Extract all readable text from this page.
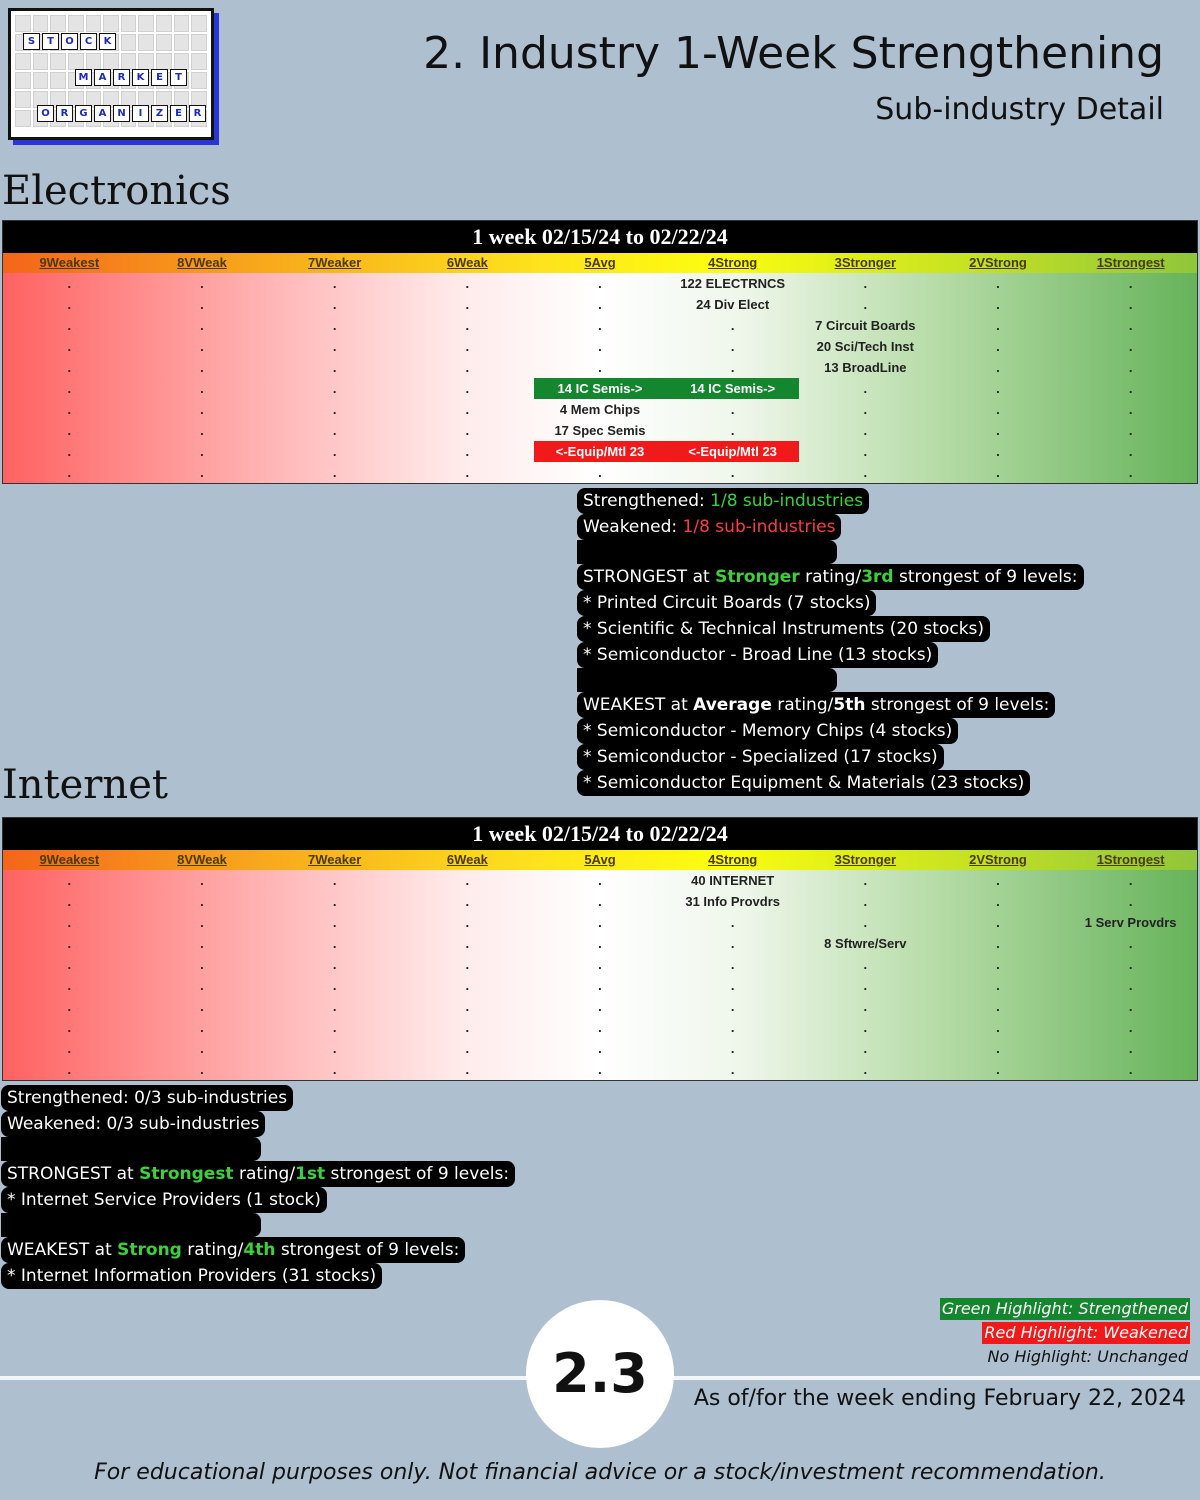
S	T	O	C	K
M	A	R	K	E	T
O	R	G	A	N	I	Z	E	R
2. Industry 1-Week Strengthening
Sub-industry Detail
Electronics
1 week 02/15/24 to 02/22/24
9Weakest	8VWeak	7Weaker	6Weak	5Avg	4Strong	3Stronger	2VStrong	1Strongest
.	.	.	.	.	122 ELECTRNCS	.	.	.
.	.	.	.	.	24 Div Elect	.	.	.
.	.	.	.	.	.	7 Circuit Boards	.	.
.	.	.	.	.	.	20 Sci/Tech Inst	.	.
.	.	.	.	.	.	13 BroadLine	.	.
.	.	.	.	14 IC Semis->	14 IC Semis->	.	.	.
.	.	.	.	4 Mem Chips	.	.	.	.
.	.	.	.	17 Spec Semis	.	.	.	.
.	.	.	.	<-Equip/Mtl 23	<-Equip/Mtl 23	.	.	.
.	.	.	.	.	.	.	.	.
Strengthened: 1/8 sub-industries
Weakened: 1/8 sub-industries
STRONGEST at Stronger rating/3rd strongest of 9 levels:
* Printed Circuit Boards (7 stocks)
* Scientific & Technical Instruments (20 stocks)
* Semiconductor - Broad Line (13 stocks)
WEAKEST at Average rating/5th strongest of 9 levels:
* Semiconductor - Memory Chips (4 stocks)
* Semiconductor - Specialized (17 stocks)
* Semiconductor Equipment & Materials (23 stocks)
Internet
1 week 02/15/24 to 02/22/24
9Weakest	8VWeak	7Weaker	6Weak	5Avg	4Strong	3Stronger	2VStrong	1Strongest
.	.	.	.	.	40 INTERNET	.	.	.
.	.	.	.	.	31 Info Provdrs	.	.	.
.	.	.	.	.	.	.	.	1 Serv Provdrs
.	.	.	.	.	.	8 Sftwre/Serv	.	.
.	.	.	.	.	.	.	.	.
.	.	.	.	.	.	.	.	.
.	.	.	.	.	.	.	.	.
.	.	.	.	.	.	.	.	.
.	.	.	.	.	.	.	.	.
.	.	.	.	.	.	.	.	.
Strengthened: 0/3 sub-industries
Weakened: 0/3 sub-industries
STRONGEST at Strongest rating/1st strongest of 9 levels:
* Internet Service Providers (1 stock)
WEAKEST at Strong rating/4th strongest of 9 levels:
* Internet Information Providers (31 stocks)
Green Highlight: Strengthened
Red Highlight: Weakened
No Highlight: Unchanged
2.3	As of/for the week ending February 22, 2024
For educational purposes only. Not financial advice or a stock/investment recommendation.
